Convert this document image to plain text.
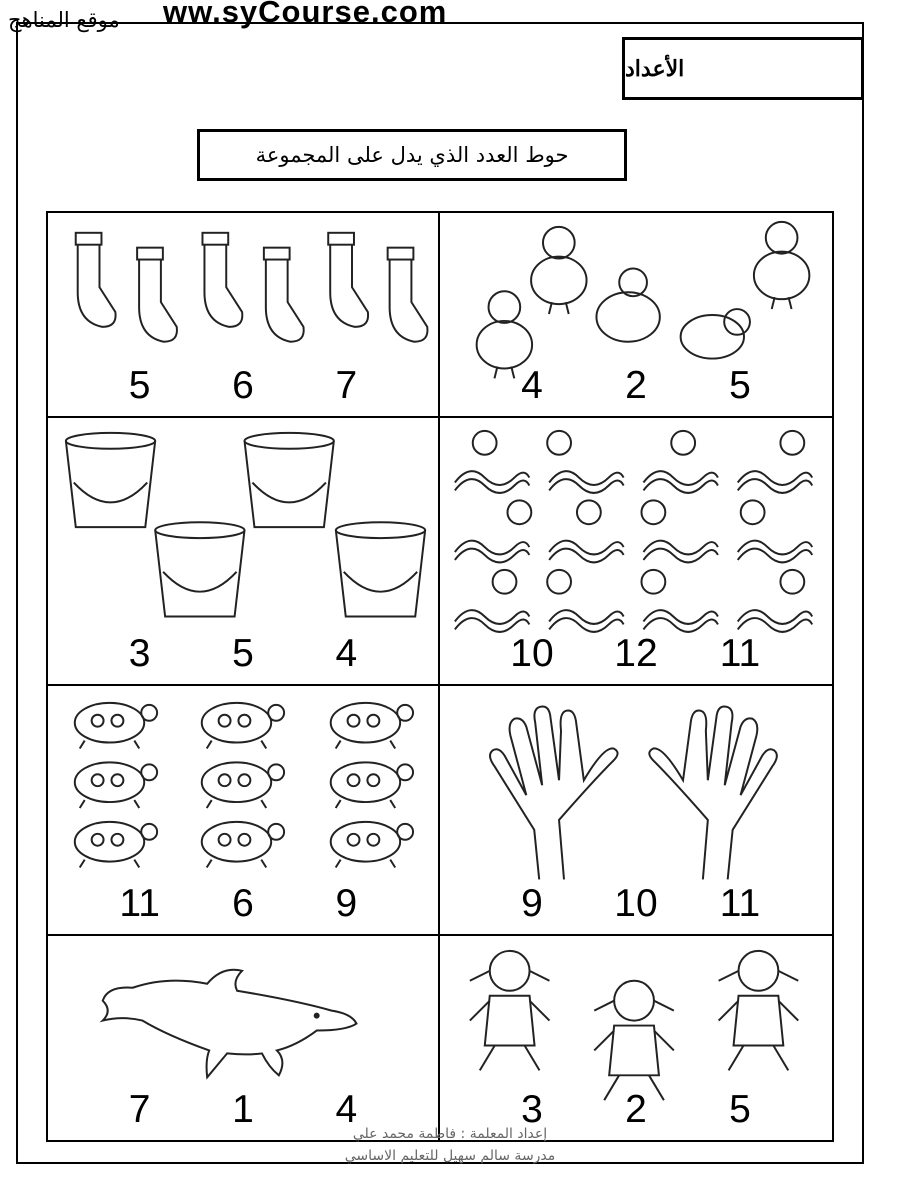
موقع المناهج ww.syCourse.com
الأعداد
حوط العدد الذي يدل على المجموعة
5	6	7	4	2	5
3	5	4	10	12	11
11	6	9	9	10	11
7	1	4	3	2	5
إعداد المعلمة : فاطمة محمد علي
مدرسة سالم سهيل للتعليم الاساسي
